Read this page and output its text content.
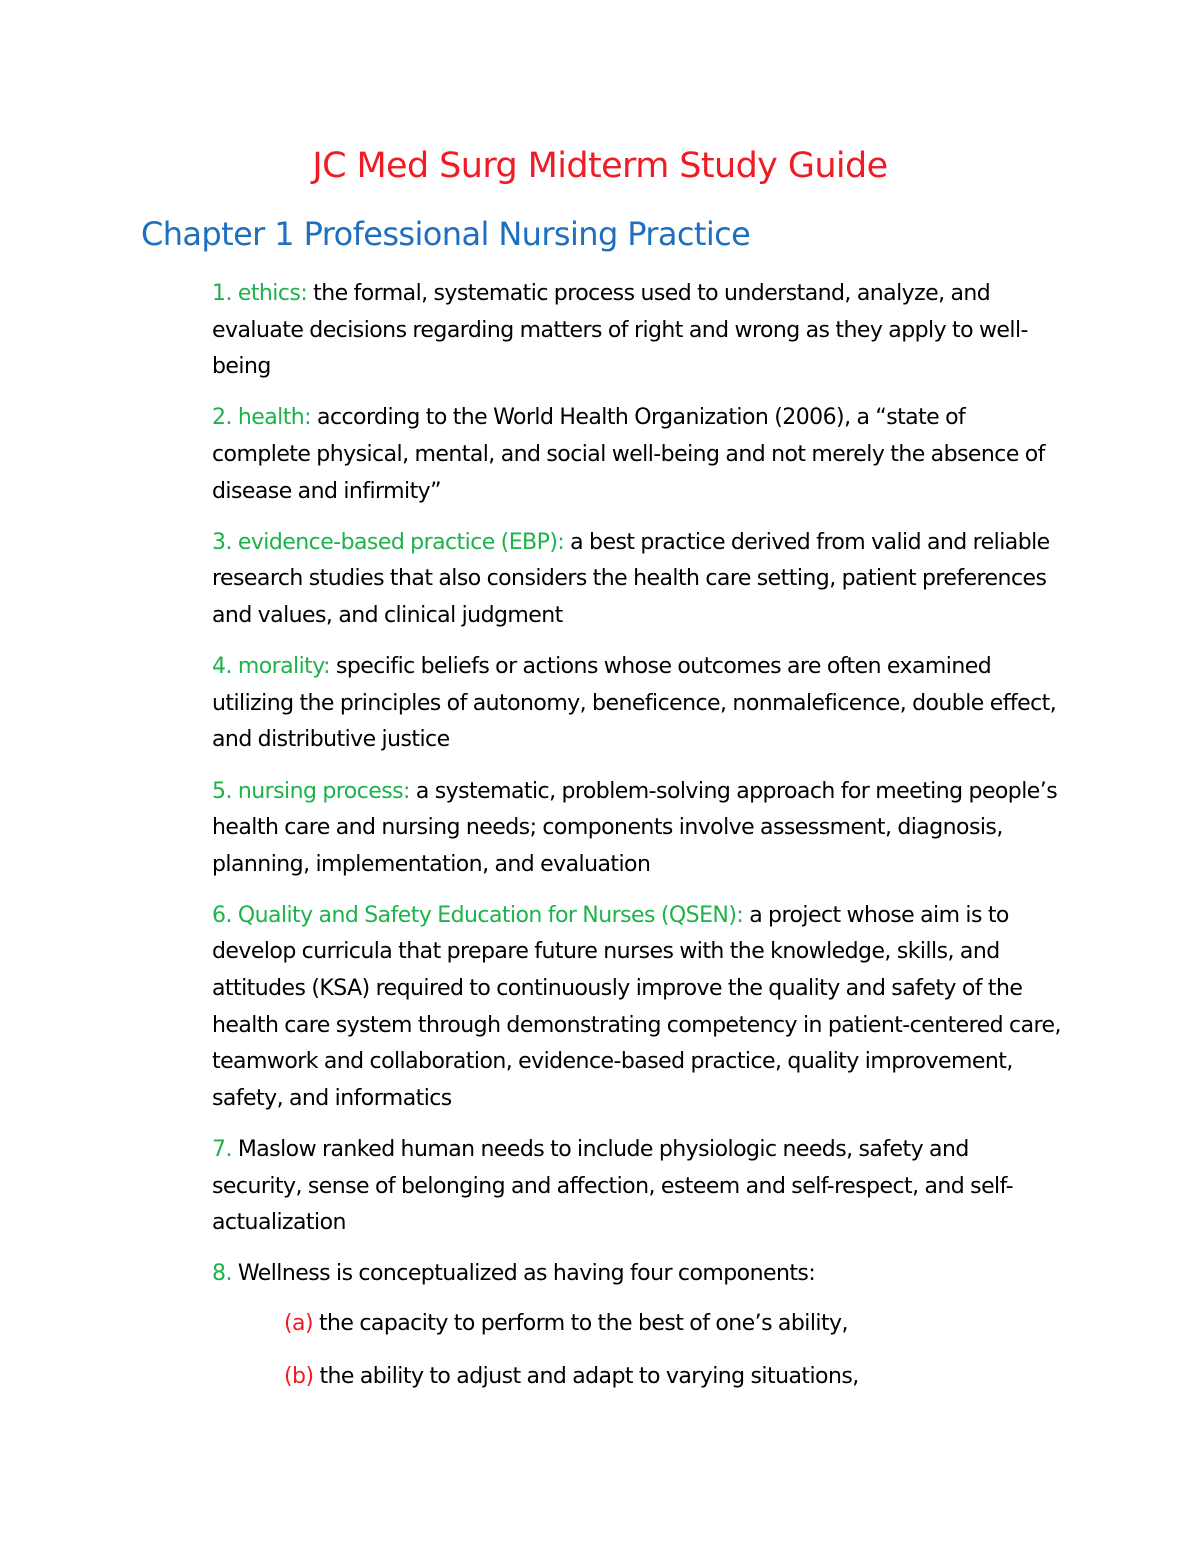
JC Med Surg Midterm Study Guide
Chapter 1 Professional Nursing Practice
1. ethics: the formal, systematic process used to understand, analyze, and evaluate decisions regarding matters of right and wrong as they apply to well-being
2. health: according to the World Health Organization (2006), a “state of complete physical, mental, and social well-being and not merely the absence of disease and infirmity”
3. evidence-based practice (EBP): a best practice derived from valid and reliable research studies that also considers the health care setting, patient preferences and values, and clinical judgment
4. morality: specific beliefs or actions whose outcomes are often examined utilizing the principles of autonomy, beneficence, nonmaleficence, double effect, and distributive justice
5. nursing process: a systematic, problem-solving approach for meeting people’s health care and nursing needs; components involve assessment, diagnosis, planning, implementation, and evaluation
6. Quality and Safety Education for Nurses (QSEN): a project whose aim is to develop curricula that prepare future nurses with the knowledge, skills, and attitudes (KSA) required to continuously improve the quality and safety of the health care system through demonstrating competency in patient-centered care, teamwork and collaboration, evidence-based practice, quality improvement, safety, and informatics
7. Maslow ranked human needs to include physiologic needs, safety and security, sense of belonging and affection, esteem and self-respect, and self-actualization
8. Wellness is conceptualized as having four components:
(a) the capacity to perform to the best of one’s ability,
(b) the ability to adjust and adapt to varying situations,
